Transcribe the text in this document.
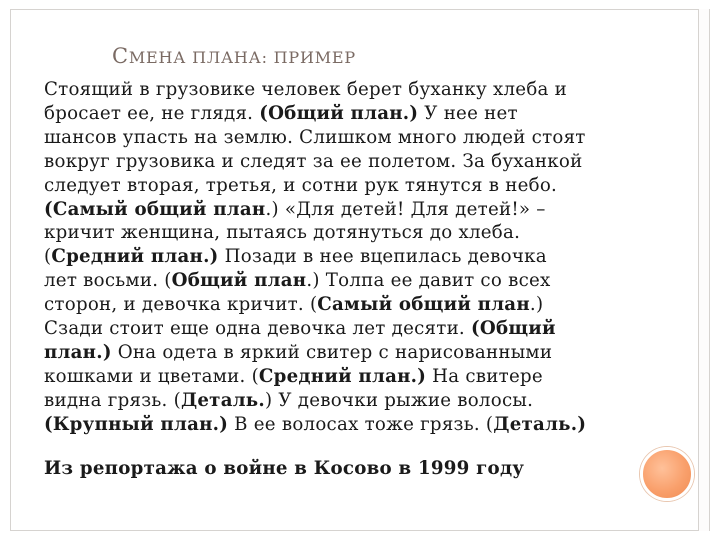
СМЕНА ПЛАНА: ПРИМЕР
Стоящий в грузовике человек берет буханку хлеба и
бросает ее, не глядя. (Общий план.) У нее нет
шансов упасть на землю. Слишком много людей стоят
вокруг грузовика и следят за ее полетом. За буханкой
следует вторая, третья, и сотни рук тянутся в небо.
(Самый общий план.) «Для детей! Для детей!» –
кричит женщина, пытаясь дотянуться до хлеба.
(Средний план.) Позади в нее вцепилась девочка
лет восьми. (Общий план.) Толпа ее давит со всех
сторон, и девочка кричит. (Самый общий план.)
Сзади стоит еще одна девочка лет десяти. (Общий
план.) Она одета в яркий свитер с нарисованными
кошками и цветами. (Средний план.) На свитере
видна грязь. (Деталь.) У девочки рыжие волосы.
(Крупный план.) В ее волосах тоже грязь. (Деталь.)
Из репортажа о войне в Косово в 1999 году
